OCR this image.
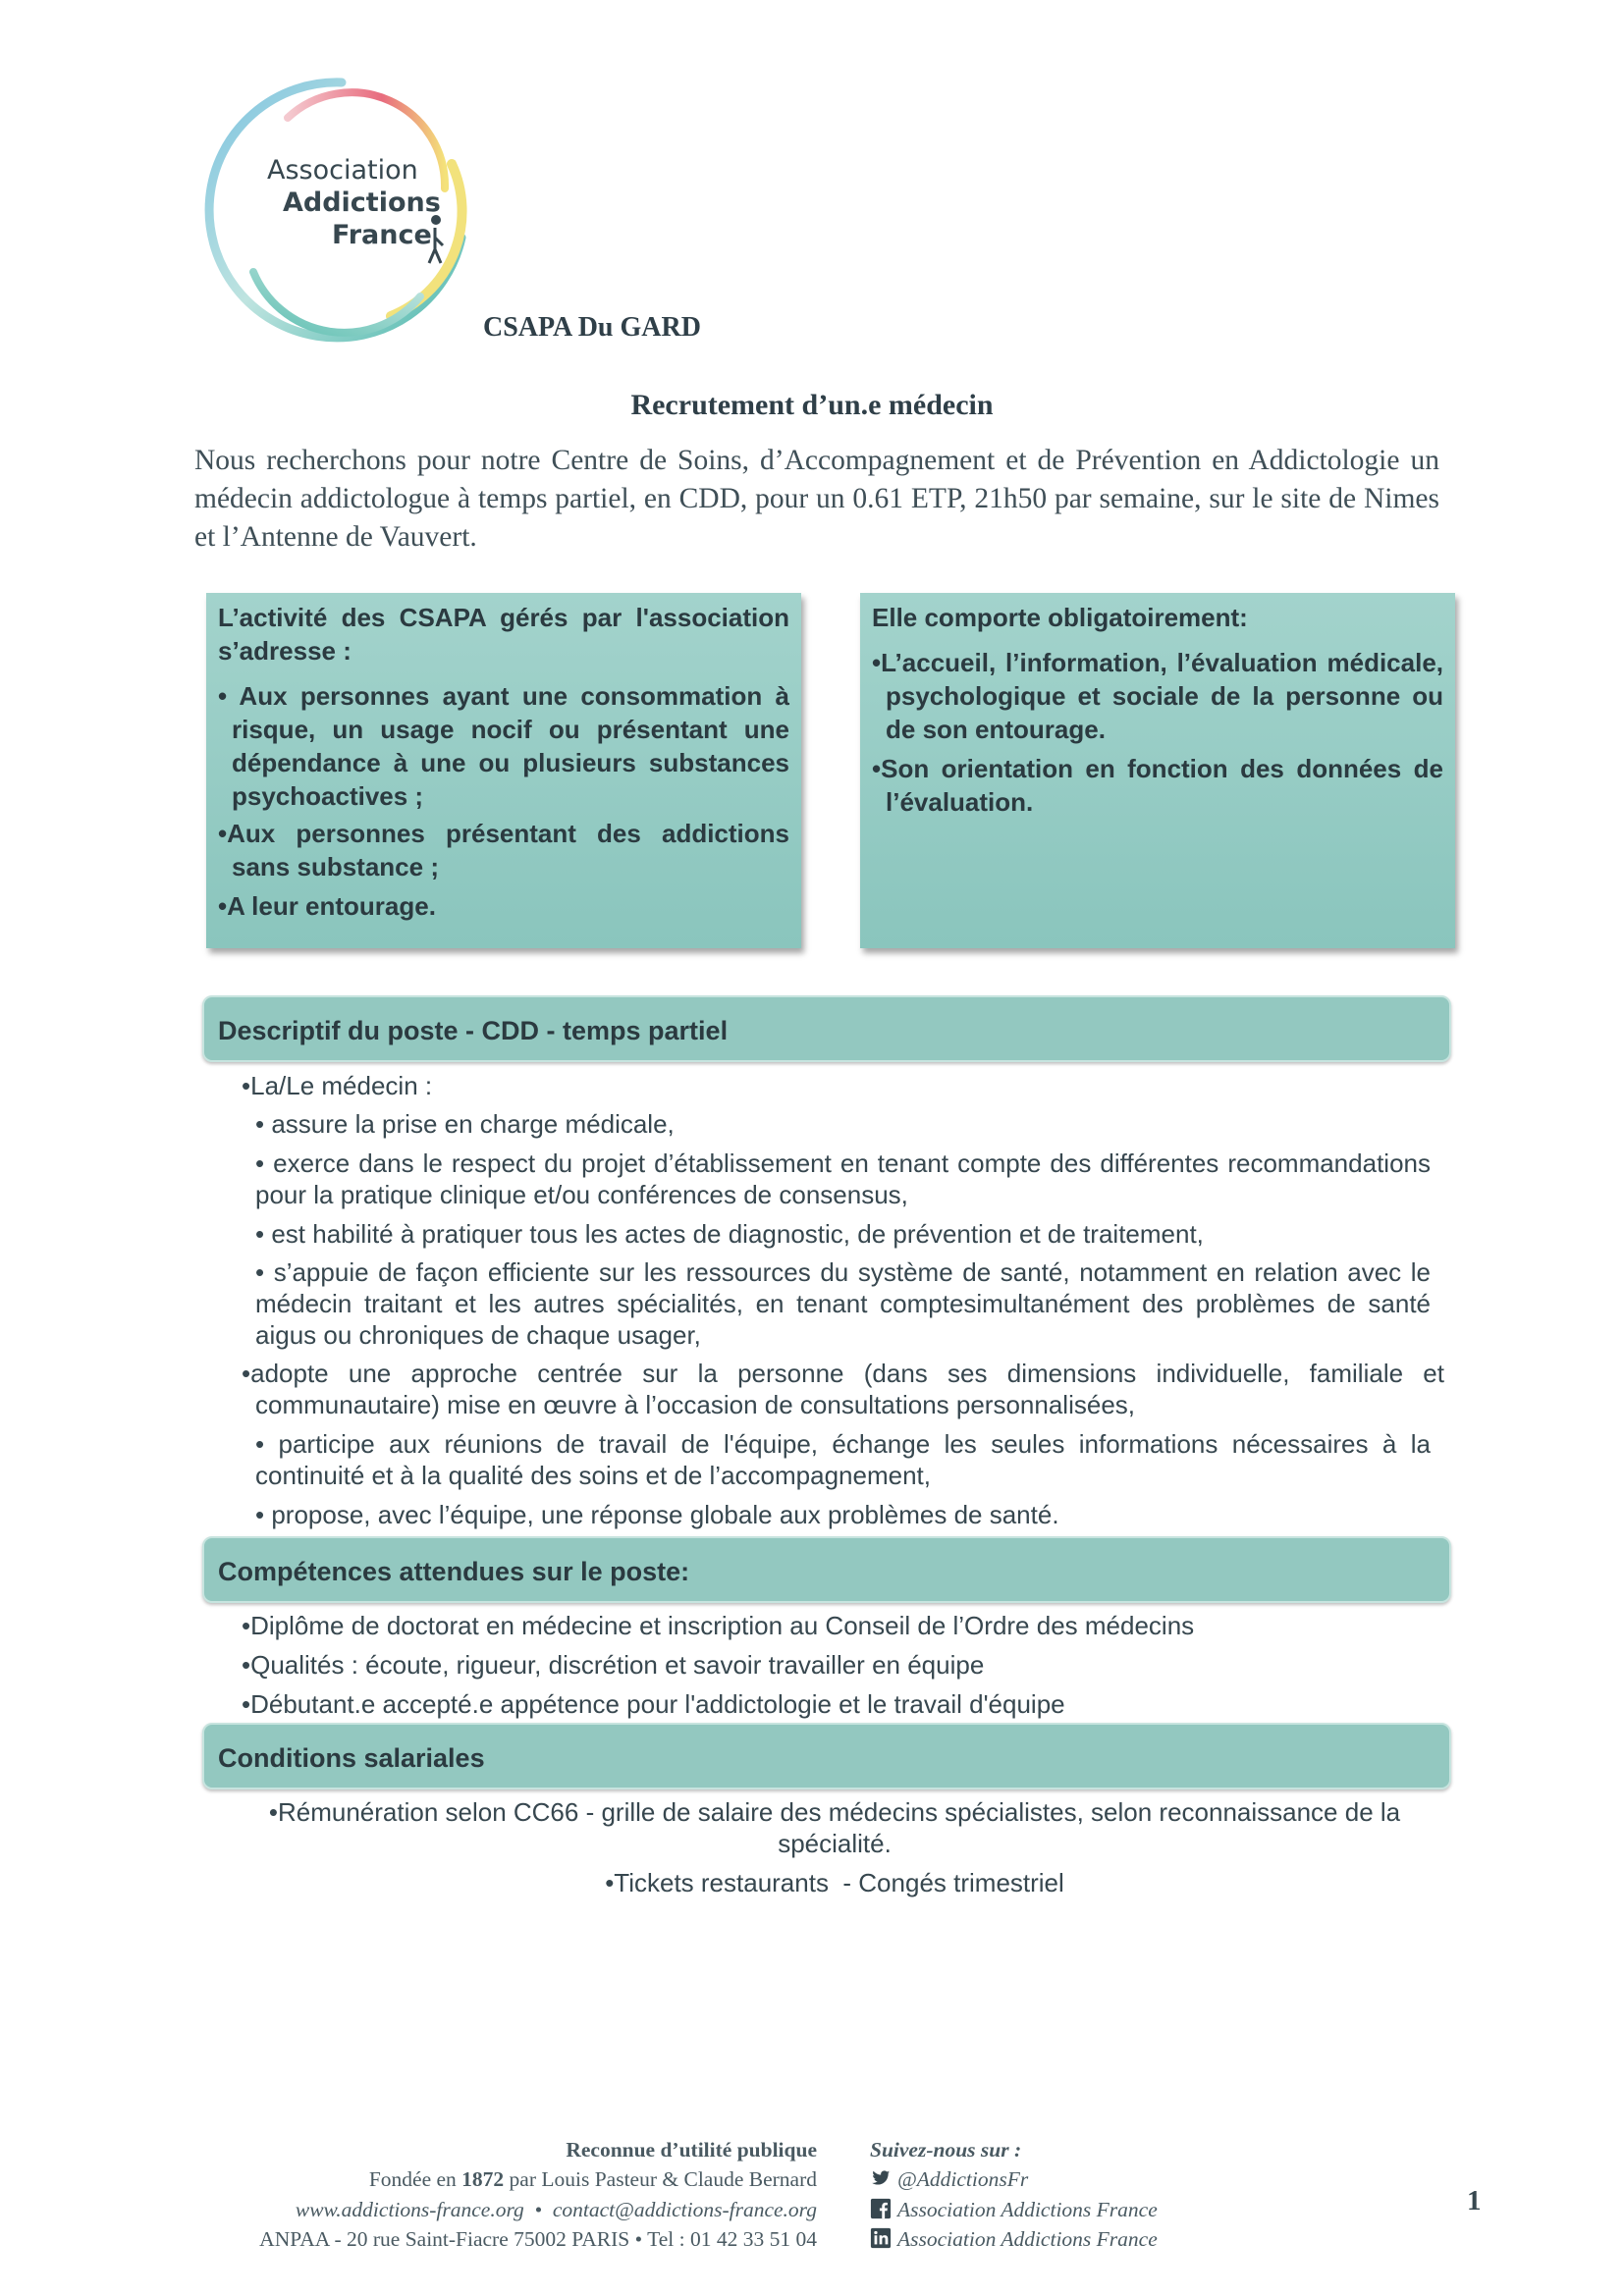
Association
Addictions
France
CSAPA Du GARD
Recrutement d’un.e médecin
Nous recherchons pour notre Centre de Soins, d’Accompagnement et de Prévention en Addictologie un médecin addictologue à temps partiel, en CDD, pour un 0.61 ETP, 21h50 par semaine, sur le site de Nimes et l’Antenne de Vauvert.
L’activité des CSAPA gérés par l'association s’adresse :
• Aux personnes ayant une consommation à risque, un usage nocif ou présentant une dépendance à une ou plusieurs substances psychoactives ;
•Aux personnes présentant des addictions sans substance ;
•A leur entourage.
Elle comporte obligatoirement:
•L’accueil, l’information, l’évaluation médicale, psychologique et sociale de la personne ou de son entourage.
•Son orientation en fonction des données de l’évaluation.
Descriptif du poste - CDD - temps partiel
•La/Le médecin :
• assure la prise en charge médicale,
• exerce dans le respect du projet d’établissement en tenant compte des différentes recommandations pour la pratique clinique et/ou conférences de consensus,
• est habilité à pratiquer tous les actes de diagnostic, de prévention et de traitement,
• s’appuie de façon efficiente sur les ressources du système de santé, notamment en relation avec le médecin traitant et les autres spécialités, en tenant comptesimultanément des problèmes de santé aigus ou chroniques de chaque usager,
•adopte une approche centrée sur la personne (dans ses dimensions individuelle, familiale et communautaire) mise en œuvre à l’occasion de consultations personnalisées,
• participe aux réunions de travail de l'équipe, échange les seules informations nécessaires à la continuité et à la qualité des soins et de l’accompagnement,
• propose, avec l’équipe, une réponse globale aux problèmes de santé.
Compétences attendues sur le poste:
•Diplôme de doctorat en médecine et inscription au Conseil de l’Ordre des médecins
•Qualités : écoute, rigueur, discrétion et savoir travailler en équipe
•Débutant.e accepté.e appétence pour l'addictologie et le travail d'équipe
Conditions salariales
•Rémunération selon CC66 - grille de salaire des médecins spécialistes, selon reconnaissance de la spécialité.
•Tickets restaurants  - Congés trimestriel
Reconnue d’utilité publique
Fondée en 1872 par Louis Pasteur & Claude Bernard
www.addictions-france.org • contact@addictions-france.org
ANPAA - 20 rue Saint-Fiacre 75002 PARIS • Tel : 01 42 33 51 04
Suivez-nous sur :
@AddictionsFr
Association Addictions France
Association Addictions France
1
